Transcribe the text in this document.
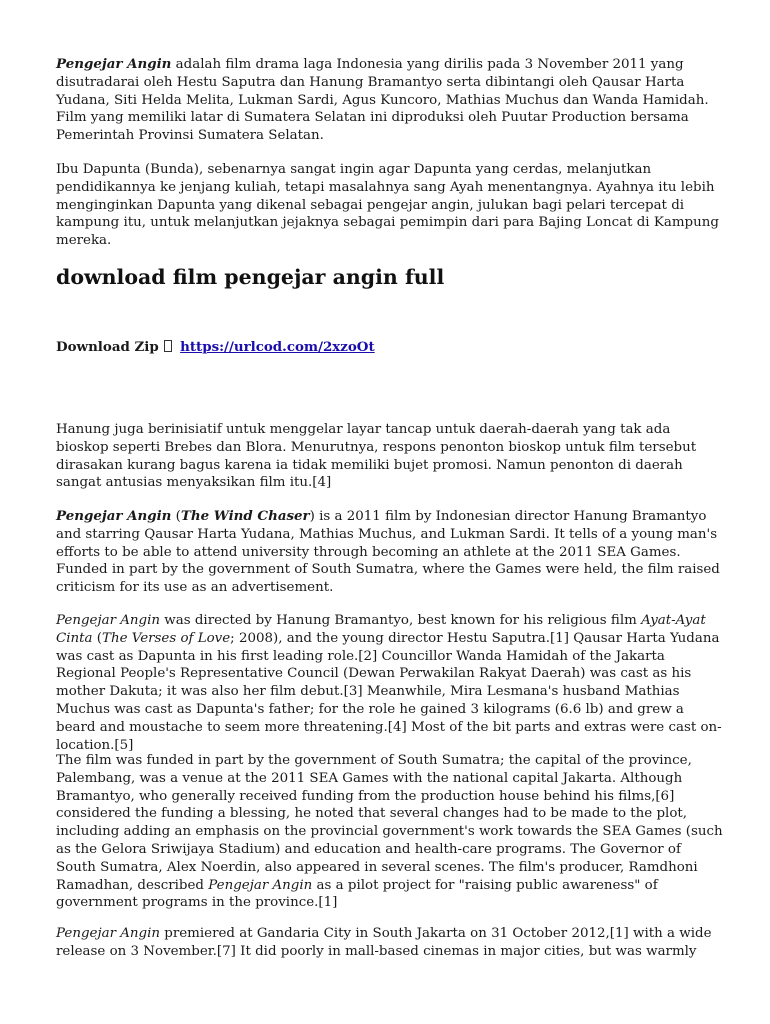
Pengejar Angin adalah film drama laga Indonesia yang dirilis pada 3 November 2011 yang disutradarai oleh Hestu Saputra dan Hanung Bramantyo serta dibintangi oleh Qausar Harta Yudana, Siti Helda Melita, Lukman Sardi, Agus Kuncoro, Mathias Muchus dan Wanda Hamidah. Film yang memiliki latar di Sumatera Selatan ini diproduksi oleh Puutar Production bersama Pemerintah Provinsi Sumatera Selatan.

Ibu Dapunta (Bunda), sebenarnya sangat ingin agar Dapunta yang cerdas, melanjutkan pendidikannya ke jenjang kuliah, tetapi masalahnya sang Ayah menentangnya. Ayahnya itu lebih menginginkan Dapunta yang dikenal sebagai pengejar angin, julukan bagi pelari tercepat di kampung itu, untuk melanjutkan jejaknya sebagai pemimpin dari para Bajing Loncat di Kampung mereka.

download film pengejar angin full

Download Zip https://urlcod.com/2xzoOt

Hanung juga berinisiatif untuk menggelar layar tancap untuk daerah-daerah yang tak ada bioskop seperti Brebes dan Blora. Menurutnya, respons penonton bioskop untuk film tersebut dirasakan kurang bagus karena ia tidak memiliki bujet promosi. Namun penonton di daerah sangat antusias menyaksikan film itu.[4]

Pengejar Angin (The Wind Chaser) is a 2011 film by Indonesian director Hanung Bramantyo and starring Qausar Harta Yudana, Mathias Muchus, and Lukman Sardi. It tells of a young man's efforts to be able to attend university through becoming an athlete at the 2011 SEA Games. Funded in part by the government of South Sumatra, where the Games were held, the film raised criticism for its use as an advertisement.

Pengejar Angin was directed by Hanung Bramantyo, best known for his religious film Ayat-Ayat Cinta (The Verses of Love; 2008), and the young director Hestu Saputra.[1] Qausar Harta Yudana was cast as Dapunta in his first leading role.[2] Councillor Wanda Hamidah of the Jakarta Regional People's Representative Council (Dewan Perwakilan Rakyat Daerah) was cast as his mother Dakuta; it was also her film debut.[3] Meanwhile, Mira Lesmana's husband Mathias Muchus was cast as Dapunta's father; for the role he gained 3 kilograms (6.6 lb) and grew a beard and moustache to seem more threatening.[4] Most of the bit parts and extras were cast on-location.[5]

The film was funded in part by the government of South Sumatra; the capital of the province, Palembang, was a venue at the 2011 SEA Games with the national capital Jakarta. Although Bramantyo, who generally received funding from the production house behind his films,[6] considered the funding a blessing, he noted that several changes had to be made to the plot, including adding an emphasis on the provincial government's work towards the SEA Games (such as the Gelora Sriwijaya Stadium) and education and health-care programs. The Governor of South Sumatra, Alex Noerdin, also appeared in several scenes. The film's producer, Ramdhoni Ramadhan, described Pengejar Angin as a pilot project for "raising public awareness" of government programs in the province.[1]

Pengejar Angin premiered at Gandaria City in South Jakarta on 31 October 2012,[1] with a wide release on 3 November.[7] It did poorly in mall-based cinemas in major cities, but was warmly
